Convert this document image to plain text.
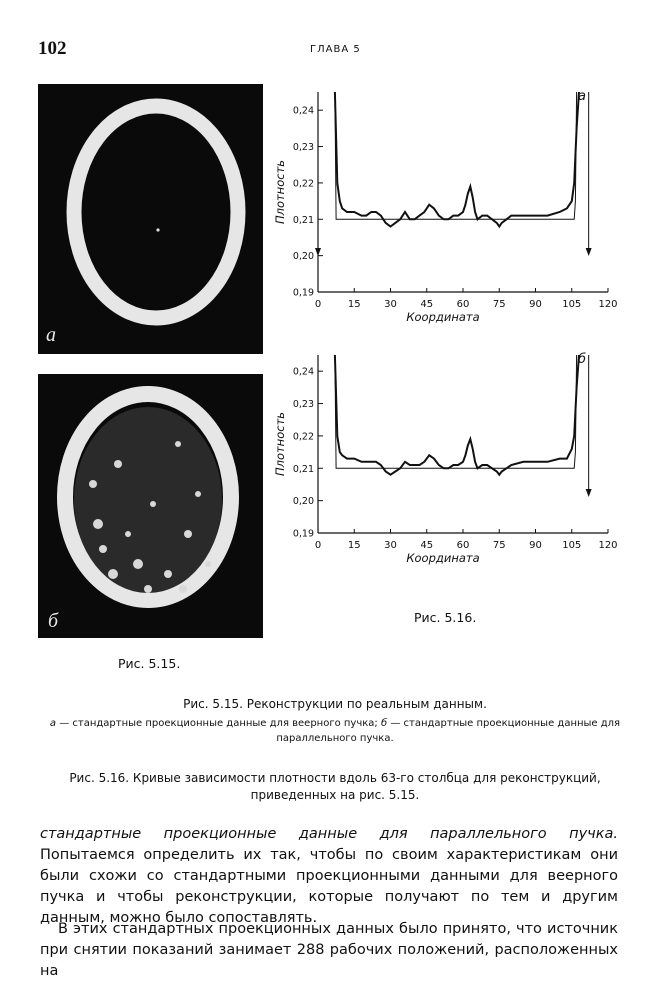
102	ГЛАВА 5
а
б
Рис. 5.15.
0,19
0,20
0,21
0,22
0,23
0,24
0	15 30 45 60 75 90 105 120
Координата
Плотность
а
0,19
0,20
0,21
0,22
0,23
0,24
0	15 30 45 60 75 90 105 120
Координата
Плотность
б
Рис. 5.16.
Рис. 5.15. Реконструкции по реальным данным.
а — стандартные проекционные данные для веерного пучка; б — стандартные проекционные данные для параллельного пучка.
Рис. 5.16. Кривые зависимости плотности вдоль 63-го столбца для реконструкций,
приведенных на рис. 5.15.
стандартные проекционные данные для параллельного пучка. Попытаемся определить их так, чтобы по своим характеристикам они были схожи со стандартными проекционными данными для веерного пучка и чтобы реконструкции, которые получают по тем и другим данным, можно было сопоставлять.
В этих стандартных проекционных данных было принято, что источник при снятии показаний занимает 288 рабочих положений, расположенных на
